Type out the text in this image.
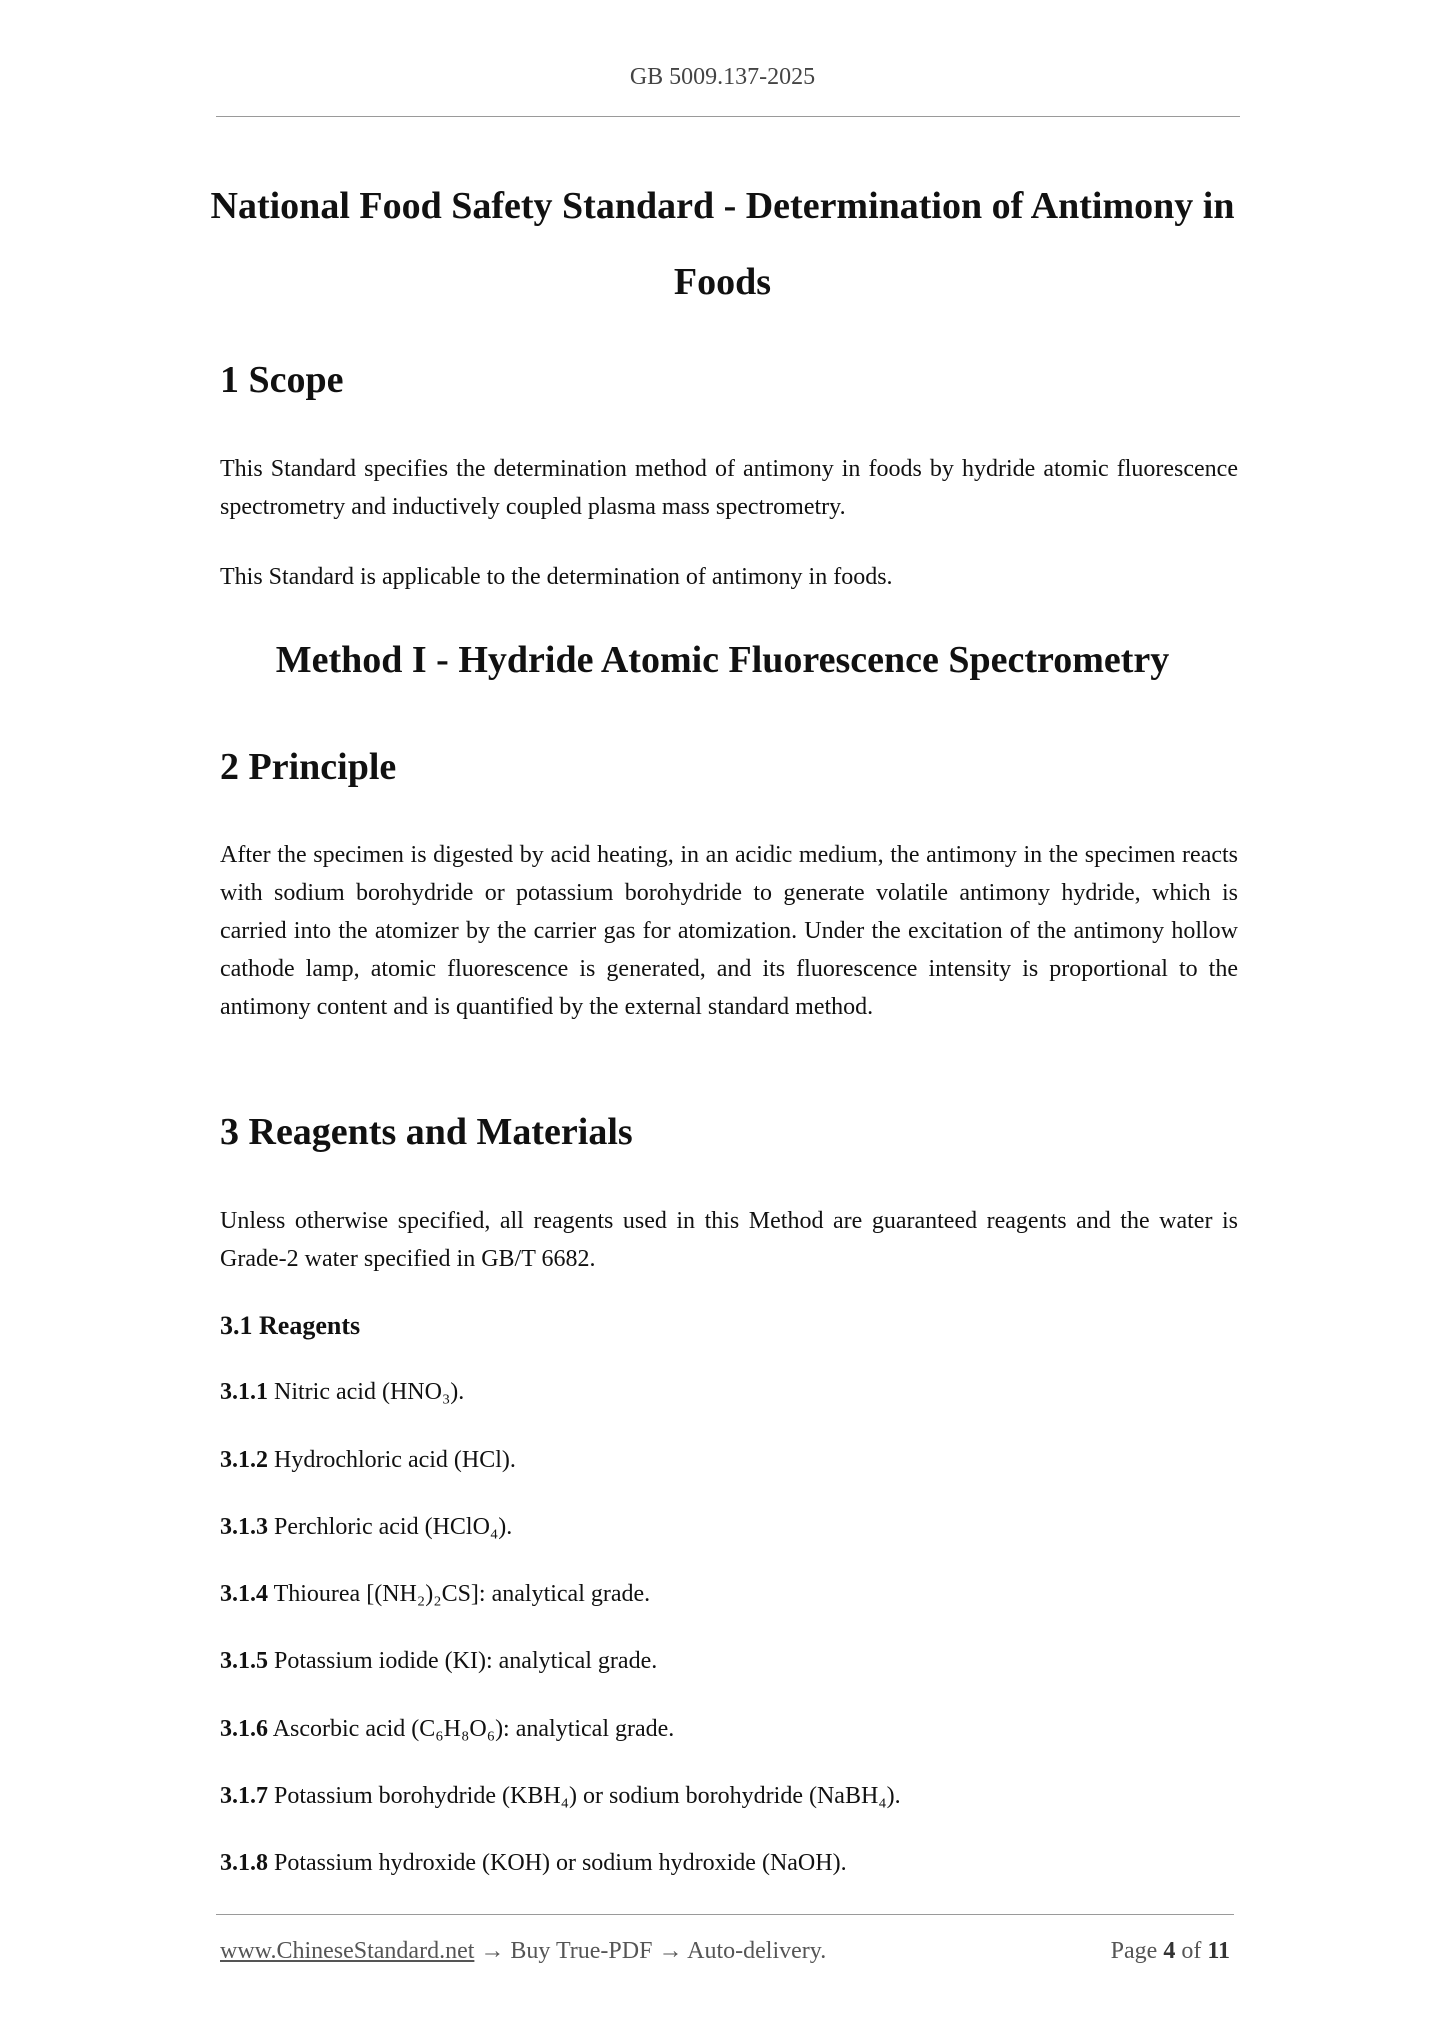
GB 5009.137-2025
National Food Safety Standard - Determination of Antimony in Foods
1 Scope

This Standard specifies the determination method of antimony in foods by hydride atomic fluorescence spectrometry and inductively coupled plasma mass spectrometry.

This Standard is applicable to the determination of antimony in foods.

Method I - Hydride Atomic Fluorescence Spectrometry
2 Principle

After the specimen is digested by acid heating, in an acidic medium, the antimony in the specimen reacts with sodium borohydride or potassium borohydride to generate volatile antimony hydride, which is carried into the atomizer by the carrier gas for atomization. Under the excitation of the antimony hollow cathode lamp, atomic fluorescence is generated, and its fluorescence intensity is proportional to the antimony content and is quantified by the external standard method.

3 Reagents and Materials

Unless otherwise specified, all reagents used in this Method are guaranteed reagents and the water is Grade-2 water specified in GB/T 6682.

3.1 Reagents

3.1.1 Nitric acid (HNO₃).

3.1.2 Hydrochloric acid (HCl).

3.1.3 Perchloric acid (HClO₄).

3.1.4 Thiourea [(NH₂)₂CS]: analytical grade.

3.1.5 Potassium iodide (KI): analytical grade.

3.1.6 Ascorbic acid (C₆H₈O₆): analytical grade.

3.1.7 Potassium borohydride (KBH₄) or sodium borohydride (NaBH₄).

3.1.8 Potassium hydroxide (KOH) or sodium hydroxide (NaOH).

www.ChineseStandard.net → Buy True-PDF → Auto-delivery.	Page 4 of 11
